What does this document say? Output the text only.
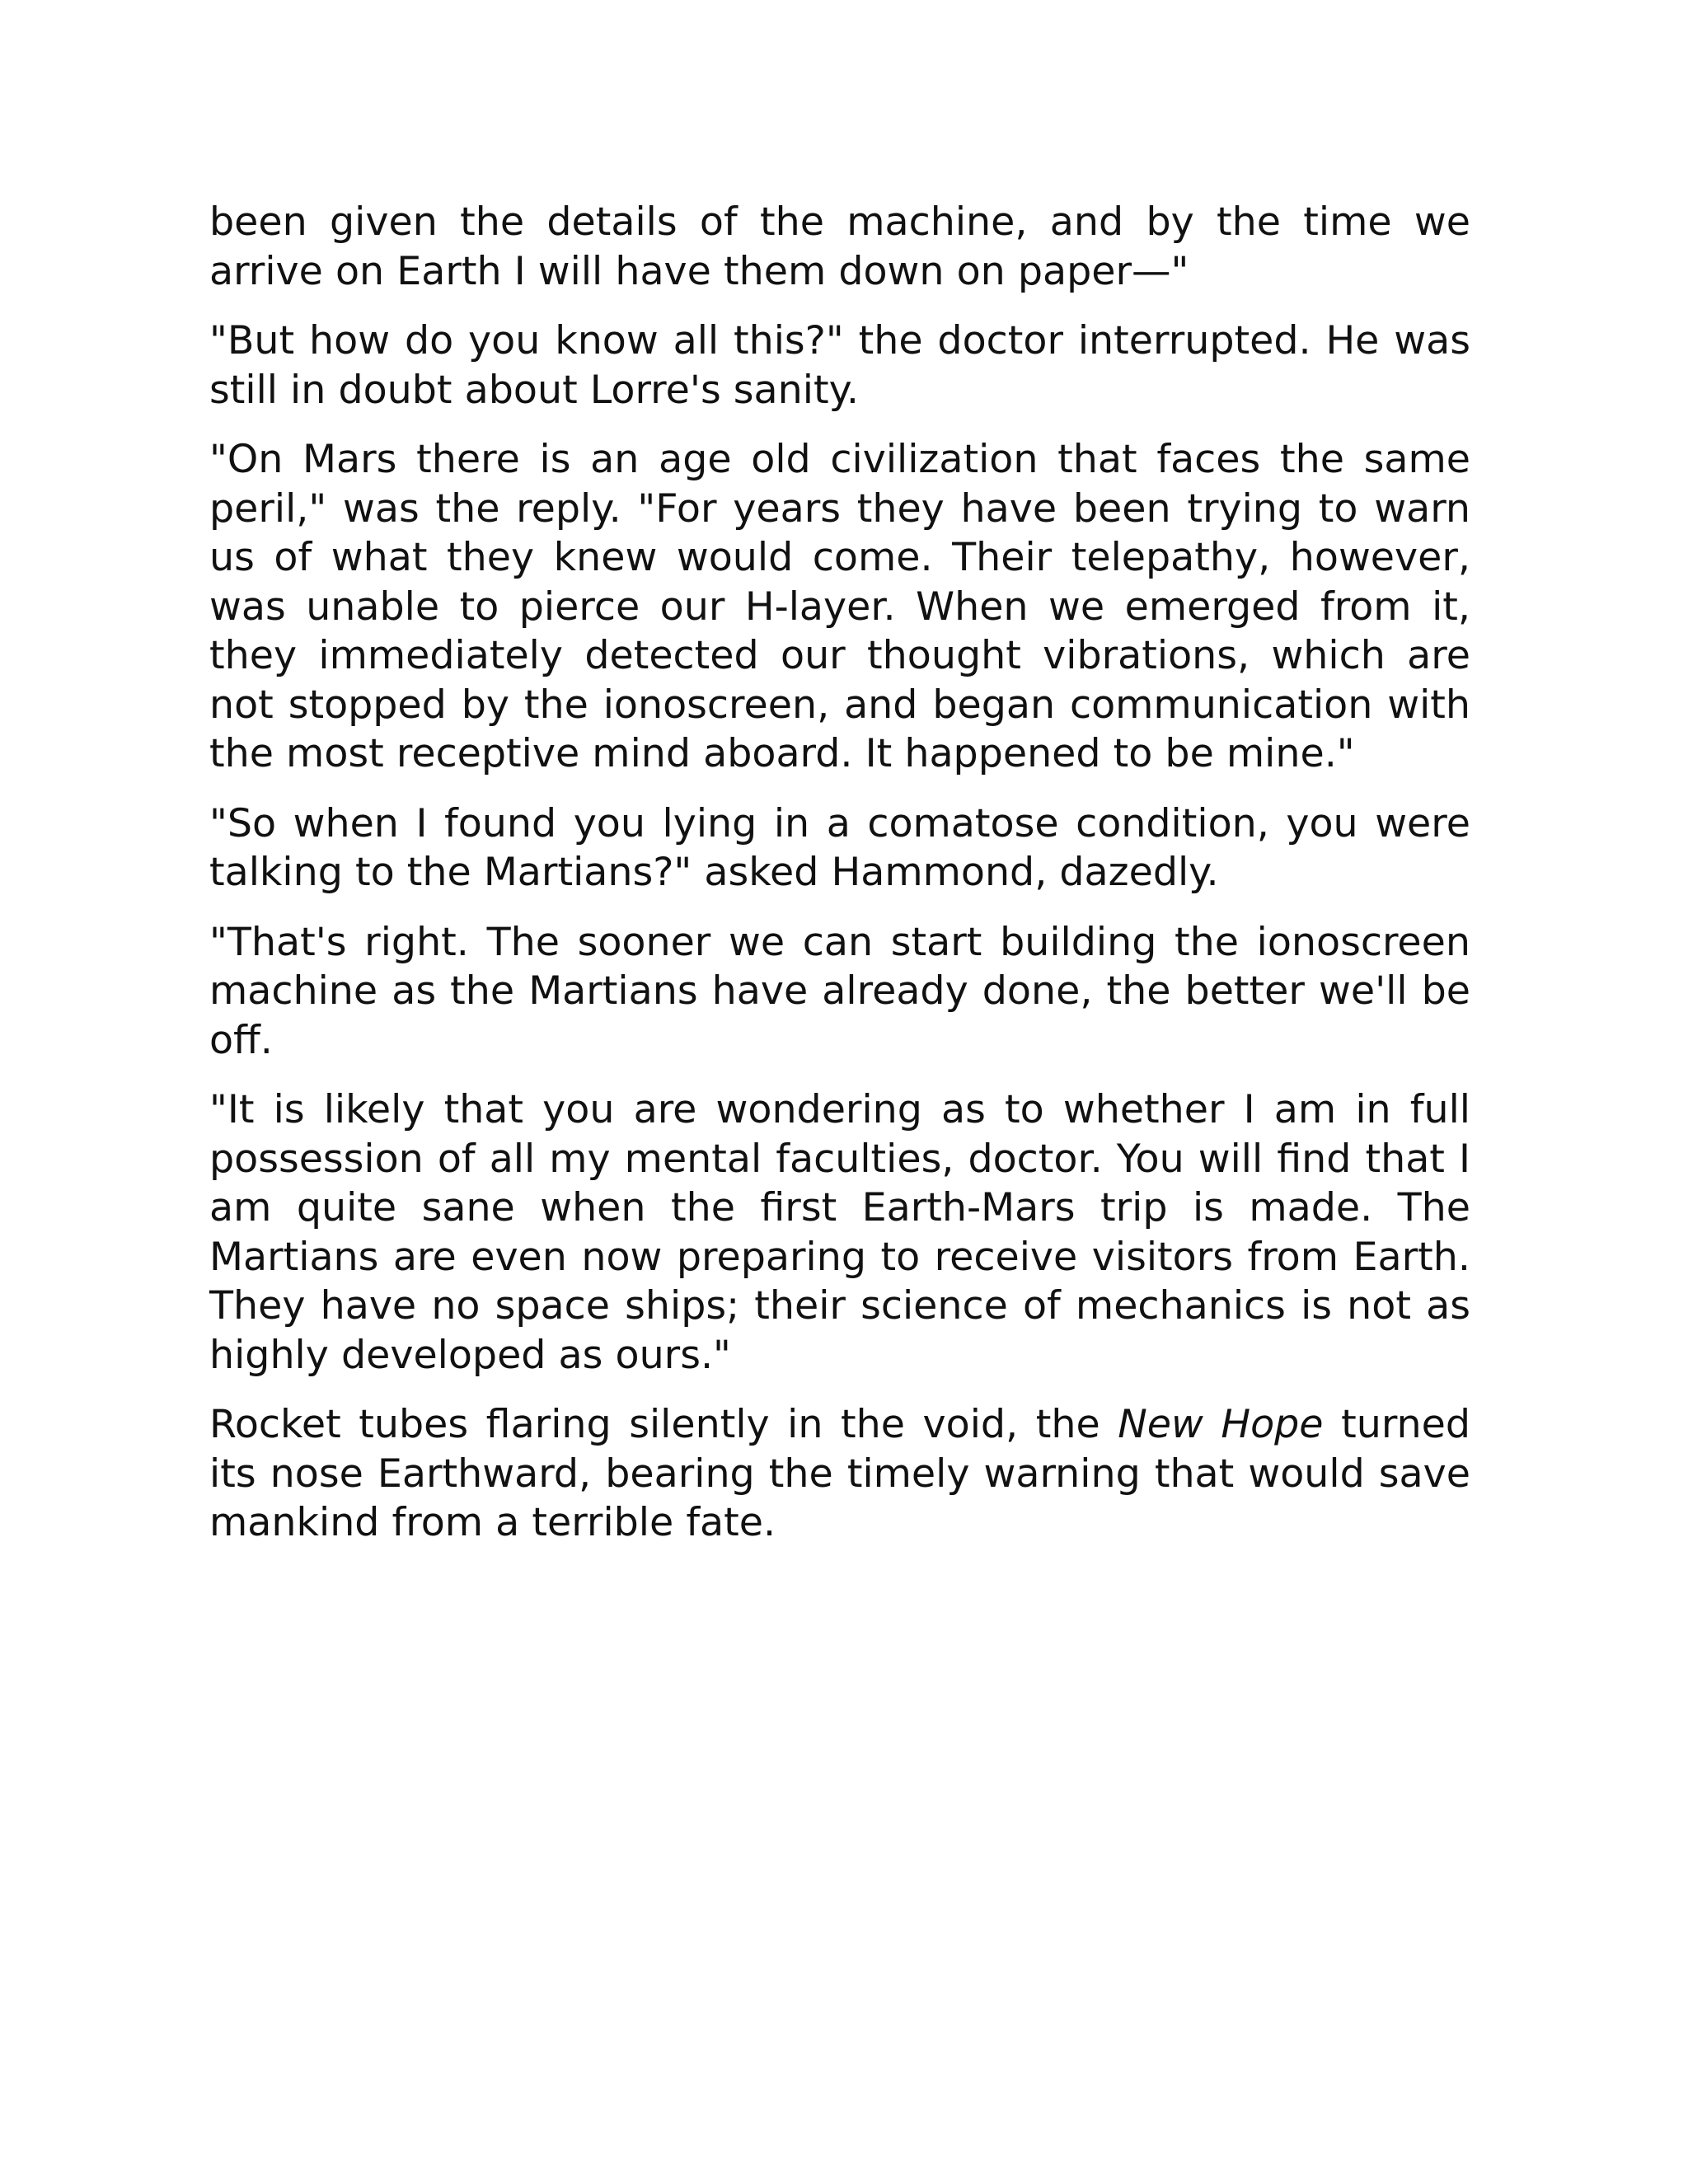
been given the details of the machine, and by the time we arrive on Earth I will have them down on paper—"

"But how do you know all this?" the doctor interrupted. He was still in doubt about Lorre's sanity.

"On Mars there is an age old civilization that faces the same peril," was the reply. "For years they have been trying to warn us of what they knew would come. Their telepathy, however, was unable to pierce our H-layer. When we emerged from it, they immediately detected our thought vibrations, which are not stopped by the ionoscreen, and began communication with the most receptive mind aboard. It happened to be mine."

"So when I found you lying in a comatose condition, you were talking to the Martians?" asked Hammond, dazedly.

"That's right. The sooner we can start building the ionoscreen machine as the Martians have already done, the better we'll be off.

"It is likely that you are wondering as to whether I am in full possession of all my mental faculties, doctor. You will find that I am quite sane when the first Earth-Mars trip is made. The Martians are even now preparing to receive visitors from Earth. They have no space ships; their science of mechanics is not as highly developed as ours."

Rocket tubes flaring silently in the void, the New Hope turned its nose Earthward, bearing the timely warning that would save mankind from a terrible fate.
